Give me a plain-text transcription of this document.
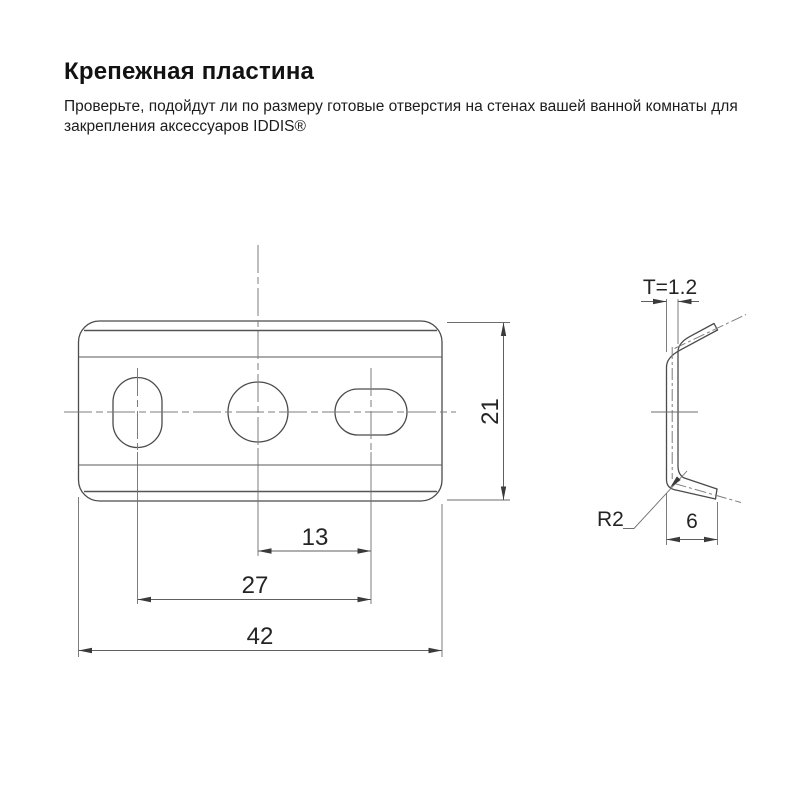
Крепежная пластина

Проверьте, подойдут ли по размеру готовые отверстия на стенах вашей ванной комнаты для закрепления аксессуаров IDDIS®

13
27
42
21
T=1.2
R2	6
